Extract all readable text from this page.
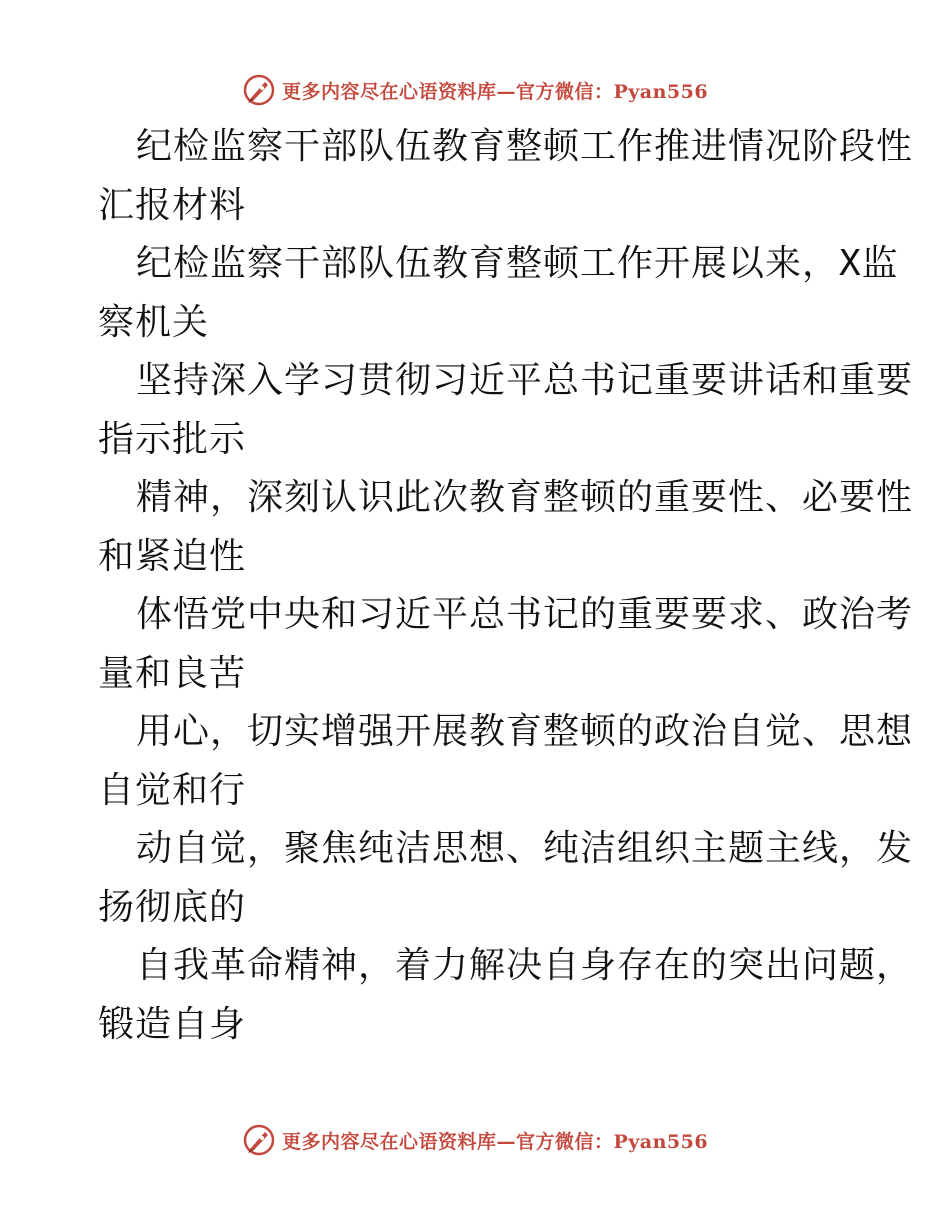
更多内容尽在心语资料库—官方微信：Pyan556
纪检监察干部队伍教育整顿工作推进情况阶段性
汇报材料
纪检监察干部队伍教育整顿工作开展以来，X监
察机关
坚持深入学习贯彻习近平总书记重要讲话和重要
指示批示
精神，深刻认识此次教育整顿的重要性、必要性
和紧迫性
体悟党中央和习近平总书记的重要要求、政治考
量和良苦
用心，切实增强开展教育整顿的政治自觉、思想
自觉和行
动自觉，聚焦纯洁思想、纯洁组织主题主线，发
扬彻底的
自我革命精神，着力解决自身存在的突出问题，
锻造自身
更多内容尽在心语资料库—官方微信：Pyan556
